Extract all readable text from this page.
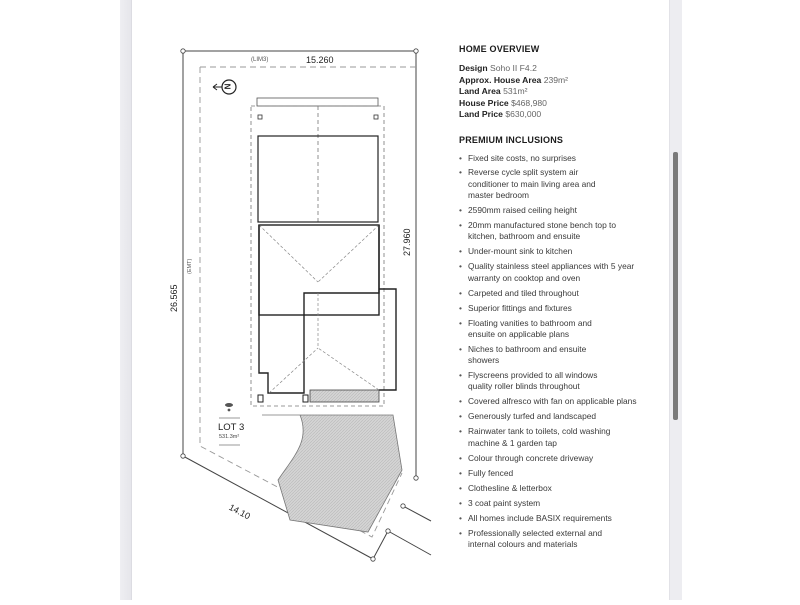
15.260
(LIM3)
26.565
(EMT)
27.960
14.10
N
LOT 3
531.3m²
HOME OVERVIEW
Design Soho II F4.2
Approx. House Area 239m²
Land Area 531m²
House Price $468,980
Land Price $630,000
PREMIUM INCLUSIONS
• Fixed site costs, no surprises
• Reverse cycle split system air conditioner to main living area and master bedroom
• 2590mm raised ceiling height
• 20mm manufactured stone bench top to kitchen, bathroom and ensuite
• Under-mount sink to kitchen
• Quality stainless steel appliances with 5 year warranty on cooktop and oven
• Carpeted and tiled throughout
• Superior fittings and fixtures
• Floating vanities to bathroom and ensuite on applicable plans
• Niches to bathroom and ensuite showers
• Flyscreens provided to all windows quality roller blinds throughout
• Covered alfresco with fan on applicable plans
• Generously turfed and landscaped
• Rainwater tank to toilets, cold washing machine & 1 garden tap
• Colour through concrete driveway
• Fully fenced
• Clothesline & letterbox
• 3 coat paint system
• All homes include BASIX requirements
• Professionally selected external and internal colours and materials
